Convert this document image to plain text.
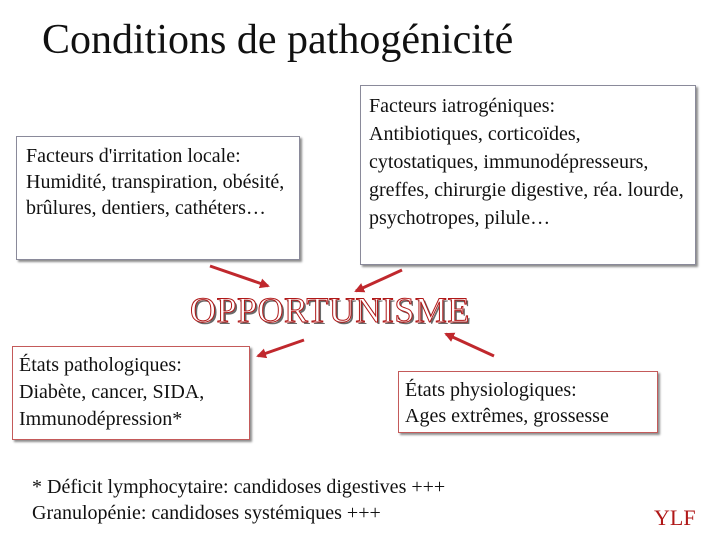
Conditions de pathogénicité
Facteurs d'irritation locale:
Humidité, transpiration, obésité, brûlures, dentiers, cathéters…
Facteurs iatrogéniques:
Antibiotiques, corticoïdes, cytostatiques, immunodépresseurs, greffes, chirurgie digestive, réa. lourde, psychotropes, pilule…
OPPORTUNISME
États pathologiques:
Diabète, cancer, SIDA, Immunodépression*
États physiologiques:
Ages extrêmes, grossesse
* Déficit lymphocytaire: candidoses digestives +++
Granulopénie: candidoses systémiques +++	YLF
